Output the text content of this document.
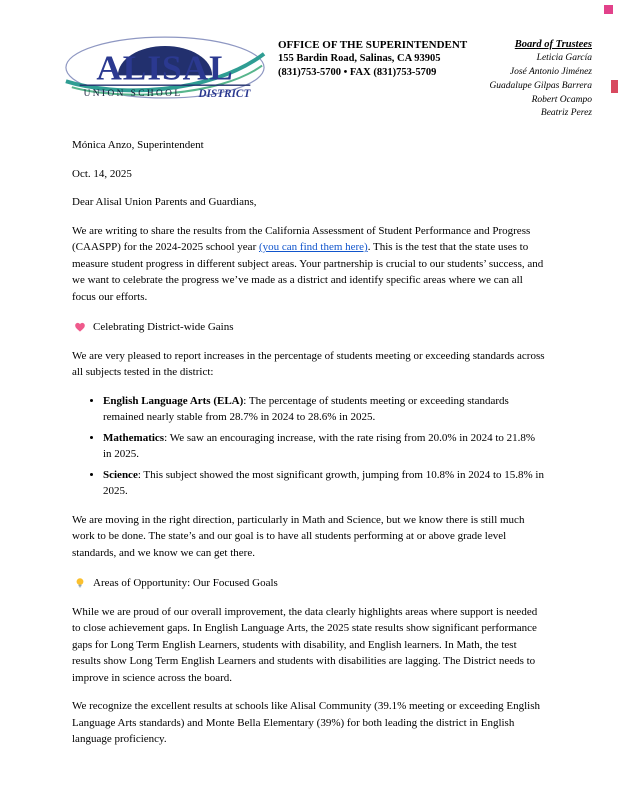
ALISAL
UNION SCHOOL DISTRICT
OFFICE OF THE SUPERINTENDENT
155 Bardin Road, Salinas, CA 93905
(831)753-5700 • FAX (831)753-5709
Board of Trustees
Leticia García
José Antonio Jiménez
Guadalupe Gilpas Barrera
Robert Ocampo
Beatriz Perez

Mónica Anzo, Superintendent

Oct. 14, 2025

Dear Alisal Union Parents and Guardians,

We are writing to share the results from the California Assessment of Student Performance and Progress (CAASPP) for the 2024-2025 school year (you can find them here). This is the test that the state uses to measure student progress in different subject areas. Your partnership is crucial to our students’ success, and we want to celebrate the progress we’ve made as a district and identify specific areas where we can all focus our efforts.

Celebrating District-wide Gains

We are very pleased to report increases in the percentage of students meeting or exceeding standards across all subjects tested in the district:

• English Language Arts (ELA): The percentage of students meeting or exceeding standards remained nearly stable from 28.7% in 2024 to 28.6% in 2025.
• Mathematics: We saw an encouraging increase, with the rate rising from 20.0% in 2024 to 21.8% in 2025.
• Science: This subject showed the most significant growth, jumping from 10.8% in 2024 to 15.8% in 2025.

We are moving in the right direction, particularly in Math and Science, but we know there is still much work to be done. The state’s and our goal is to have all students performing at or above grade level standards, and we know we can get there.

Areas of Opportunity: Our Focused Goals

While we are proud of our overall improvement, the data clearly highlights areas where support is needed to close achievement gaps. In English Language Arts, the 2025 state results show significant performance gaps for Long Term English Learners, students with disability, and English learners. In Math, the test results show Long Term English Learners and students with disabilities are lagging. The District needs to improve in science across the board.

We recognize the excellent results at schools like Alisal Community (39.1% meeting or exceeding English Language Arts standards) and Monte Bella Elementary (39%) for both leading the district in English language proficiency.
